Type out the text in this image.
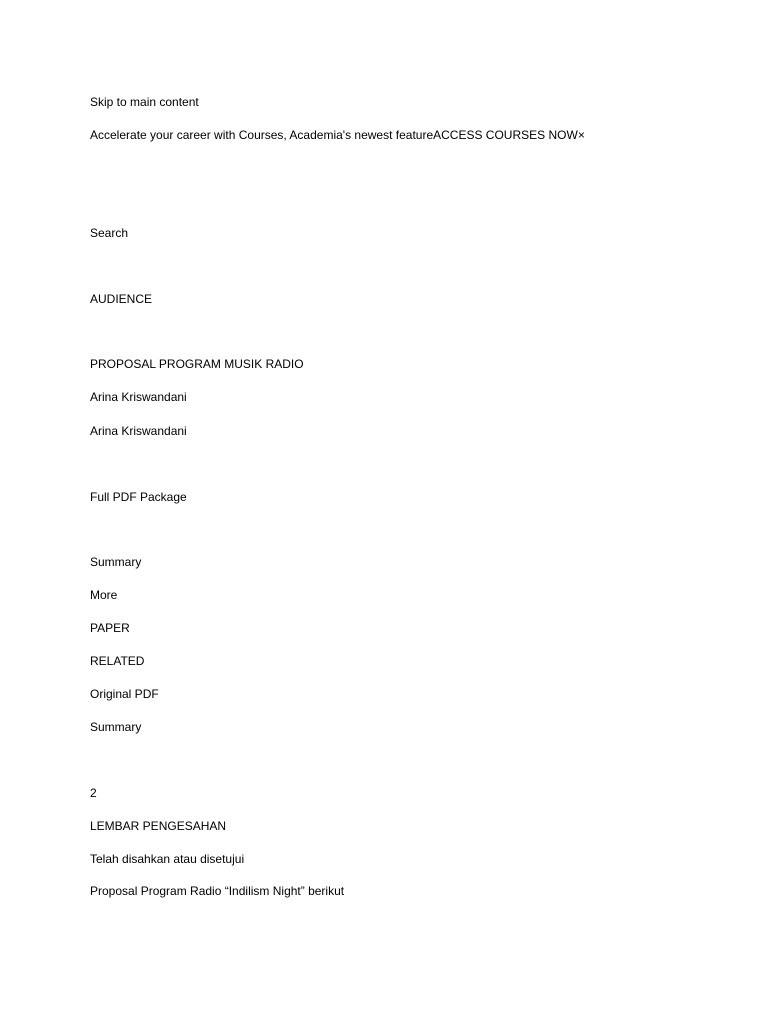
Skip to main content
Accelerate your career with Courses, Academia's newest featureACCESS COURSES NOW×
Search
AUDIENCE
PROPOSAL PROGRAM MUSIK RADIO
Arina Kriswandani
Arina Kriswandani
Full PDF Package
Summary
More
PAPER
RELATED
Original PDF
Summary
2
LEMBAR PENGESAHAN
Telah disahkan atau disetujui
Proposal Program Radio “Indilism Night” berikut
